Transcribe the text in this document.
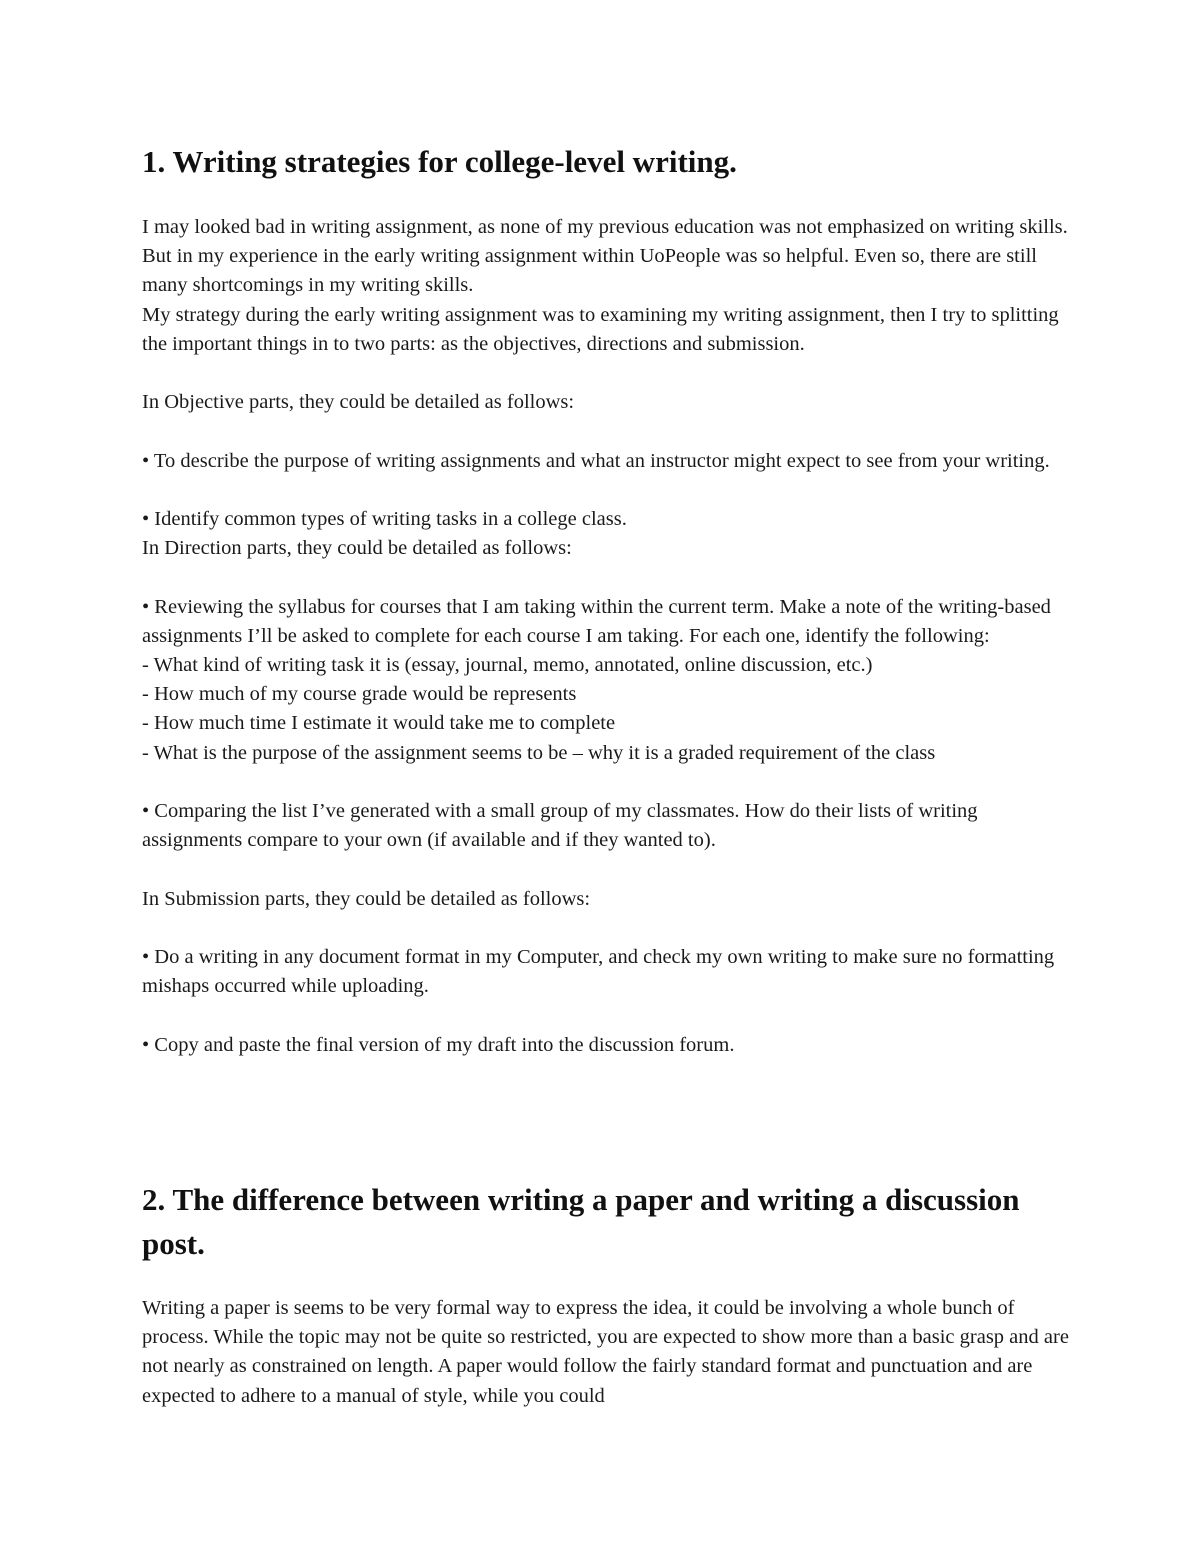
1. Writing strategies for college-level writing.

I may looked bad in writing assignment, as none of my previous education was not emphasized on writing skills. But in my experience in the early writing assignment within UoPeople was so helpful. Even so, there are still many shortcomings in my writing skills.

My strategy during the early writing assignment was to examining my writing assignment, then I try to splitting the important things in to two parts: as the objectives, directions and submission.

In Objective parts, they could be detailed as follows:

• To describe the purpose of writing assignments and what an instructor might expect to see from your writing.

• Identify common types of writing tasks in a college class.

In Direction parts, they could be detailed as follows:

• Reviewing the syllabus for courses that I am taking within the current term. Make a note of the writing-based assignments I’ll be asked to complete for each course I am taking. For each one, identify the following:

- What kind of writing task it is (essay, journal, memo, annotated, online discussion, etc.)

- How much of my course grade would be represents

- How much time I estimate it would take me to complete

- What is the purpose of the assignment seems to be – why it is a graded requirement of the class

• Comparing the list I’ve generated with a small group of my classmates. How do their lists of writing assignments compare to your own (if available and if they wanted to).

In Submission parts, they could be detailed as follows:

• Do a writing in any document format in my Computer, and check my own writing to make sure no formatting mishaps occurred while uploading.

• Copy and paste the final version of my draft into the discussion forum.

2. The difference between writing a paper and writing a discussion post.

Writing a paper is seems to be very formal way to express the idea, it could be involving a whole bunch of process. While the topic may not be quite so restricted, you are expected to show more than a basic grasp and are not nearly as constrained on length. A paper would follow the fairly standard format and punctuation and are expected to adhere to a manual of style, while you could
